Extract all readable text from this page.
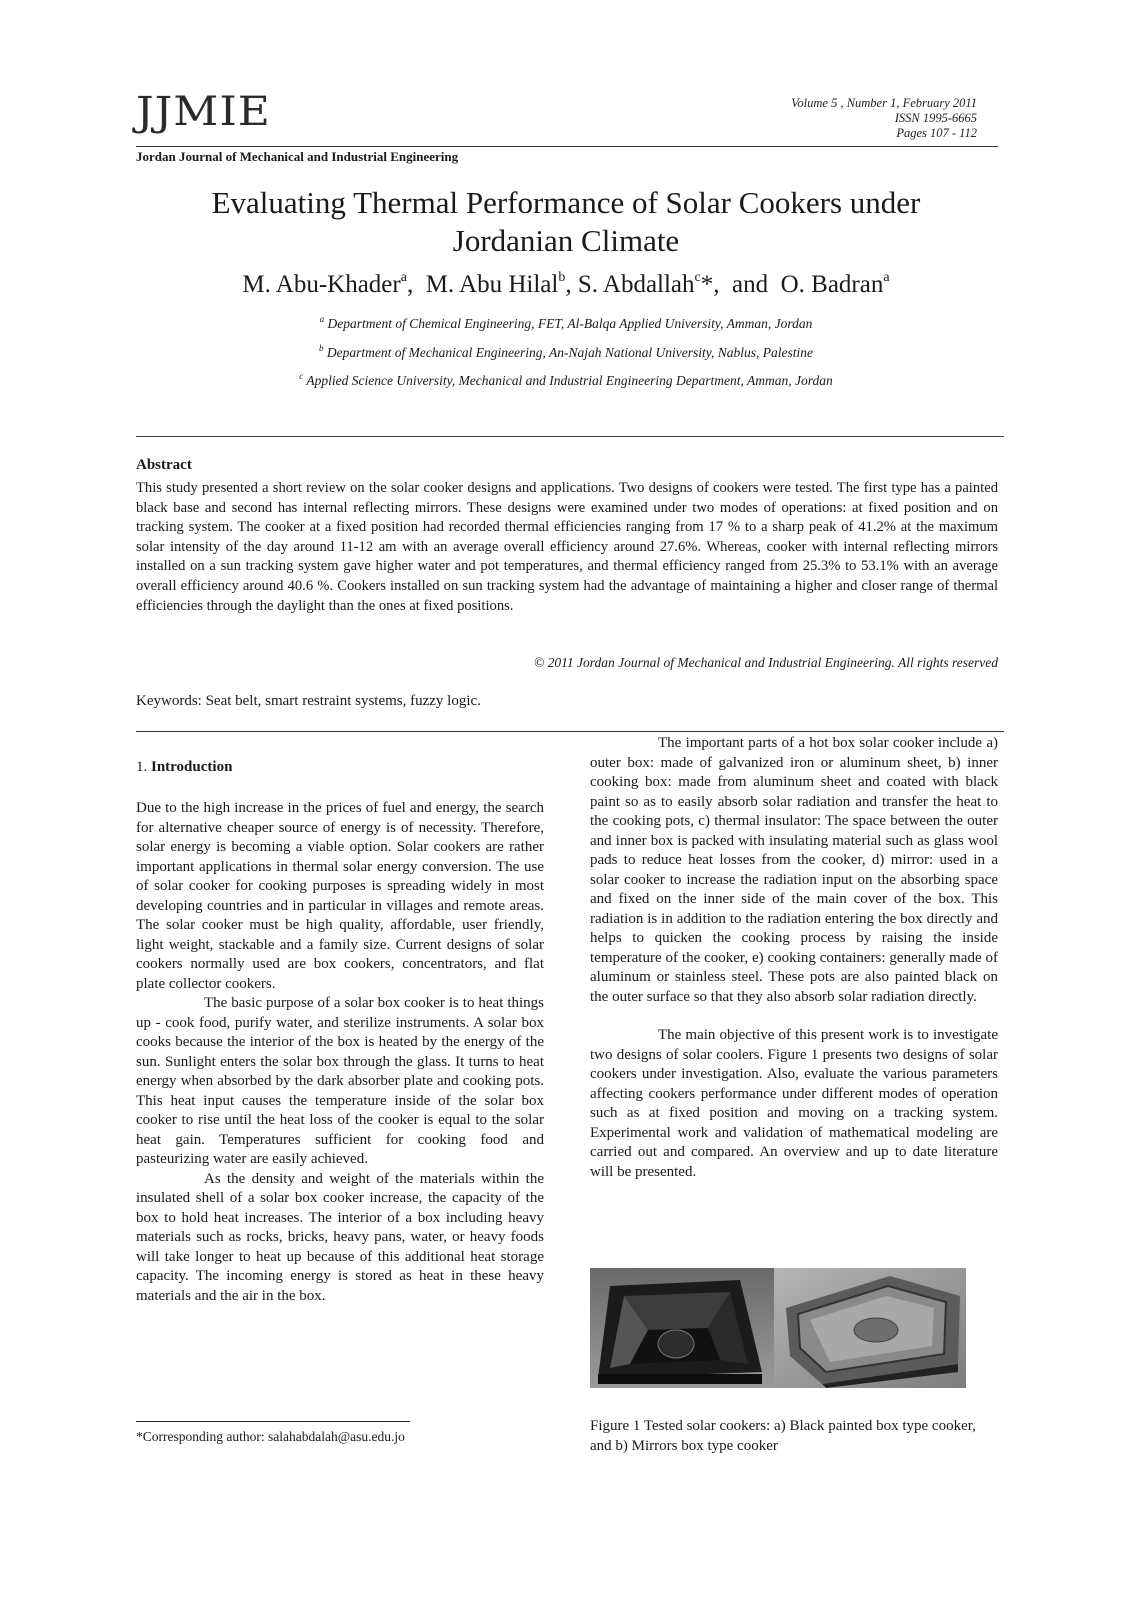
JJMIE	Volume 5 , Number 1, February 2011
ISSN 1995-6665
Pages 107 - 112
Jordan Journal of Mechanical and Industrial Engineering
Evaluating Thermal Performance of Solar Cookers under
Jordanian Climate
M. Abu-Khader$^a$,  M. Abu Hilal$^b$, S. Abdallah$^c$*,  and  O. Badran$^a$
$^a$ Department of Chemical Engineering, FET, Al-Balqa Applied University, Amman, Jordan
$^b$ Department of Mechanical Engineering, An-Najah National University, Nablus, Palestine
$^c$ Applied Science University, Mechanical and Industrial Engineering Department, Amman, Jordan
Abstract
This study presented a short review on the solar cooker designs and applications. Two designs of cookers were tested. The first type has a painted black base and second has internal reflecting mirrors. These designs were examined under two modes of operations: at fixed position and on tracking system. The cooker at a fixed position had recorded thermal efficiencies ranging from 17 % to a sharp peak of 41.2% at the maximum solar intensity of the day around 11-12 am with an average overall efficiency around 27.6%. Whereas, cooker with internal reflecting mirrors installed on a sun tracking system gave higher water and pot temperatures, and thermal efficiency ranged from 25.3% to 53.1% with an average overall efficiency around 40.6 %. Cookers installed on sun tracking system had the advantage of maintaining a higher and closer range of thermal efficiencies through the daylight than the ones at fixed positions.
© 2011 Jordan Journal of Mechanical and Industrial Engineering. All rights reserved
Keywords: Seat belt, smart restraint systems, fuzzy logic.
1. Introduction

Due to the high increase in the prices of fuel and energy, the search for alternative cheaper source of energy is of necessity. Therefore, solar energy is becoming a viable option. Solar cookers are rather important applications in thermal solar energy conversion. The use of solar cooker for cooking purposes is spreading widely in most developing countries and in particular in villages and remote areas. The solar cooker must be high quality, affordable, user friendly, light weight, stackable and a family size. Current designs of solar cookers normally used are box cookers, concentrators, and flat plate collector cookers.

The basic purpose of a solar box cooker is to heat things up - cook food, purify water, and sterilize instruments. A solar box cooks because the interior of the box is heated by the energy of the sun. Sunlight enters the solar box through the glass. It turns to heat energy when absorbed by the dark absorber plate and cooking pots. This heat input causes the temperature inside of the solar box cooker to rise until the heat loss of the cooker is equal to the solar heat gain. Temperatures sufficient for cooking food and pasteurizing water are easily achieved.

As the density and weight of the materials within the insulated shell of a solar box cooker increase, the capacity of the box to hold heat increases. The interior of a box including heavy materials such as rocks, bricks, heavy pans, water, or heavy foods will take longer to heat up because of this additional heat storage capacity. The incoming energy is stored as heat in these heavy materials and the air in the box.

The important parts of a hot box solar cooker include a) outer box: made of galvanized iron or aluminum sheet, b) inner cooking box: made from aluminum sheet and coated with black paint so as to easily absorb solar radiation and transfer the heat to the cooking pots, c) thermal insulator: The space between the outer and inner box is packed with insulating material such as glass wool pads to reduce heat losses from the cooker, d) mirror: used in a solar cooker to increase the radiation input on the absorbing space and fixed on the inner side of the main cover of the box. This radiation is in addition to the radiation entering the box directly and helps to quicken the cooking process by raising the inside temperature of the cooker, e) cooking containers: generally made of aluminum or stainless steel. These pots are also painted black on the outer surface so that they also absorb solar radiation directly.

The main objective of this present work is to investigate two designs of solar coolers. Figure 1 presents two designs of solar cookers under investigation. Also, evaluate the various parameters affecting cookers performance under different modes of operation such as at fixed position and moving on a tracking system. Experimental work and validation of mathematical modeling are carried out and compared. An overview and up to date literature will be presented.

Figure 1 Tested solar cookers: a) Black painted box type cooker, and b) Mirrors box type cooker
*Corresponding author: salahabdalah@asu.edu.jo
